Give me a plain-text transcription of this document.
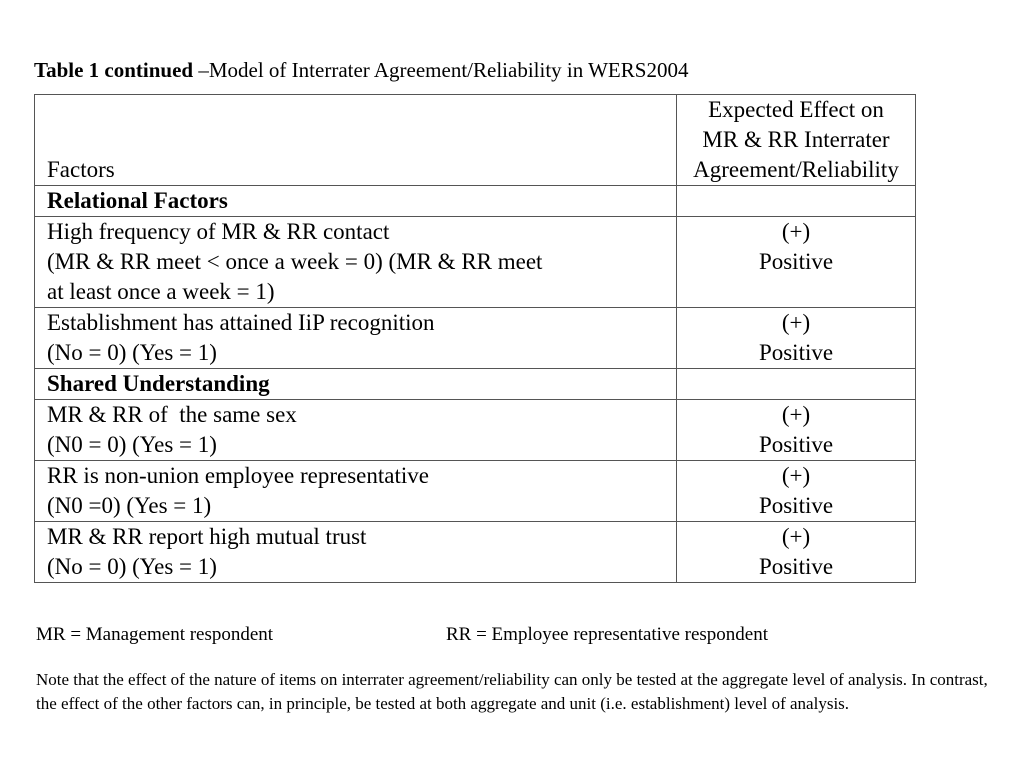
Table 1 continued –Model of Interrater Agreement/Reliability in WERS2004
Factors	Expected Effect on
MR & RR Interrater
Agreement/Reliability

Relational Factors	

High frequency of MR & RR contact
(MR & RR meet < once a week = 0) (MR & RR meet
at least once a week = 1)	(+)
Positive

Establishment has attained IiP recognition
(No = 0) (Yes = 1)	(+)
Positive

Shared Understanding	

MR & RR of  the same sex
(N0 = 0) (Yes = 1)	(+)
Positive

RR is non-union employee representative
(N0 =0) (Yes = 1)	(+)
Positive

MR & RR report high mutual trust
(No = 0) (Yes = 1)	(+)
Positive
MR = Management respondent	RR = Employee representative respondent
Note that the effect of the nature of items on interrater agreement/reliability can only be tested at the aggregate level of analysis. In contrast, the effect of the other factors can, in principle, be tested at both aggregate and unit (i.e. establishment) level of analysis.
